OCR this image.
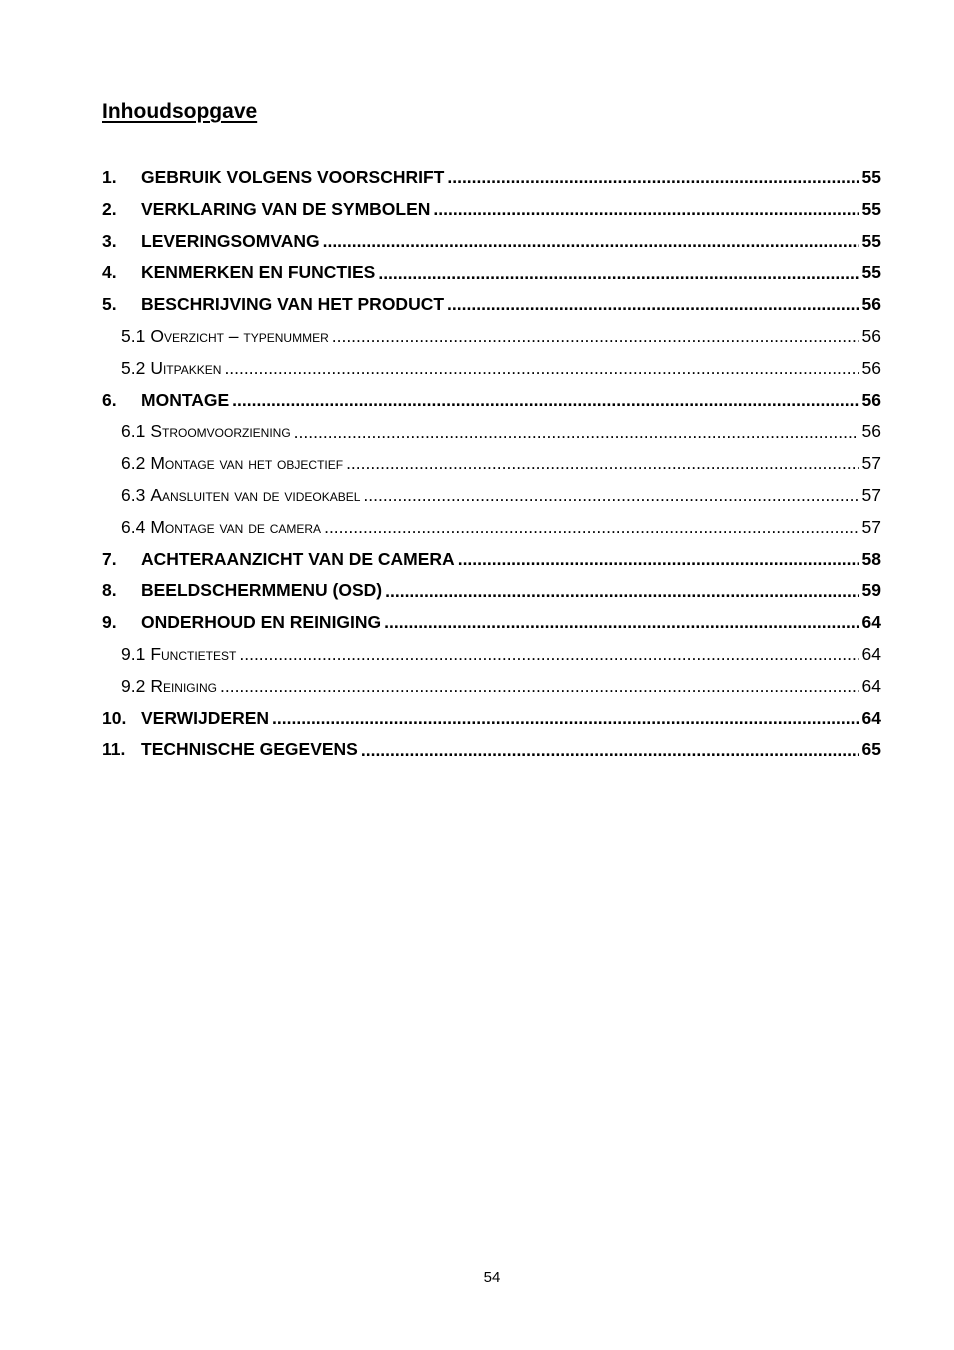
Inhoudsopgave
1.	GEBRUIK VOLGENS VOORSCHRIFT .....	55
2.	VERKLARING VAN DE SYMBOLEN .....	55
3.	LEVERINGSOMVANG .....	55
4.	KENMERKEN EN FUNCTIES .....	55
5.	BESCHRIJVING VAN HET PRODUCT .....	56
5.1 Overzicht – typenummer .....	56
5.2 Uitpakken .....	56
6.	MONTAGE .....	56
6.1 Stroomvoorziening .....	56
6.2 Montage van het objectief .....	57
6.3 Aansluiten van de videokabel .....	57
6.4 Montage van de camera .....	57
7.	ACHTERAANZICHT VAN DE CAMERA .....	58
8.	BEELDSCHERMMENU (OSD) .....	59
9.	ONDERHOUD EN REINIGING .....	64
9.1 Functietest .....	64
9.2 Reiniging .....	64
10. VERWIJDEREN .....	64
11. TECHNISCHE GEGEVENS .....	65
54
